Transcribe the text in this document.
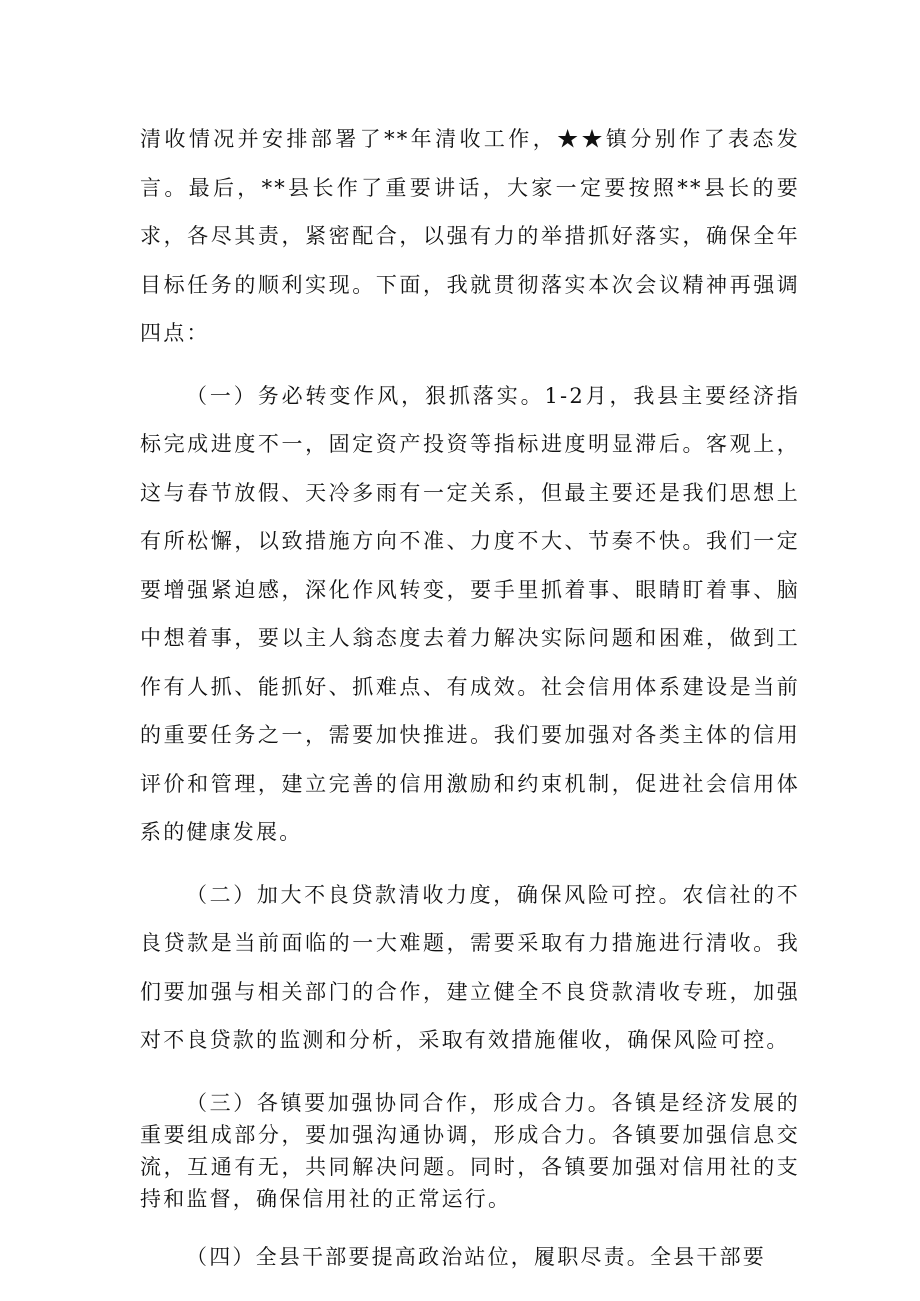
清收情况并安排部署了**年清收工作，★★镇分别作了表态发言。最后，**县长作了重要讲话，大家一定要按照**县长的要求，各尽其责，紧密配合，以强有力的举措抓好落实，确保全年目标任务的顺利实现。下面，我就贯彻落实本次会议精神再强调四点：

（一）务必转变作风，狠抓落实。1-2月，我县主要经济指标完成进度不一，固定资产投资等指标进度明显滞后。客观上，这与春节放假、天冷多雨有一定关系，但最主要还是我们思想上有所松懈，以致措施方向不准、力度不大、节奏不快。我们一定要增强紧迫感，深化作风转变，要手里抓着事、眼睛盯着事、脑中想着事，要以主人翁态度去着力解决实际问题和困难，做到工作有人抓、能抓好、抓难点、有成效。社会信用体系建设是当前的重要任务之一，需要加快推进。我们要加强对各类主体的信用评价和管理，建立完善的信用激励和约束机制，促进社会信用体系的健康发展。

（二）加大不良贷款清收力度，确保风险可控。农信社的不良贷款是当前面临的一大难题，需要采取有力措施进行清收。我们要加强与相关部门的合作，建立健全不良贷款清收专班，加强对不良贷款的监测和分析，采取有效措施催收，确保风险可控。

（三）各镇要加强协同合作，形成合力。各镇是经济发展的重要组成部分，要加强沟通协调，形成合力。各镇要加强信息交流，互通有无，共同解决问题。同时，各镇要加强对信用社的支持和监督，确保信用社的正常运行。

（四）全县干部要提高政治站位，履职尽责。全县干部要
